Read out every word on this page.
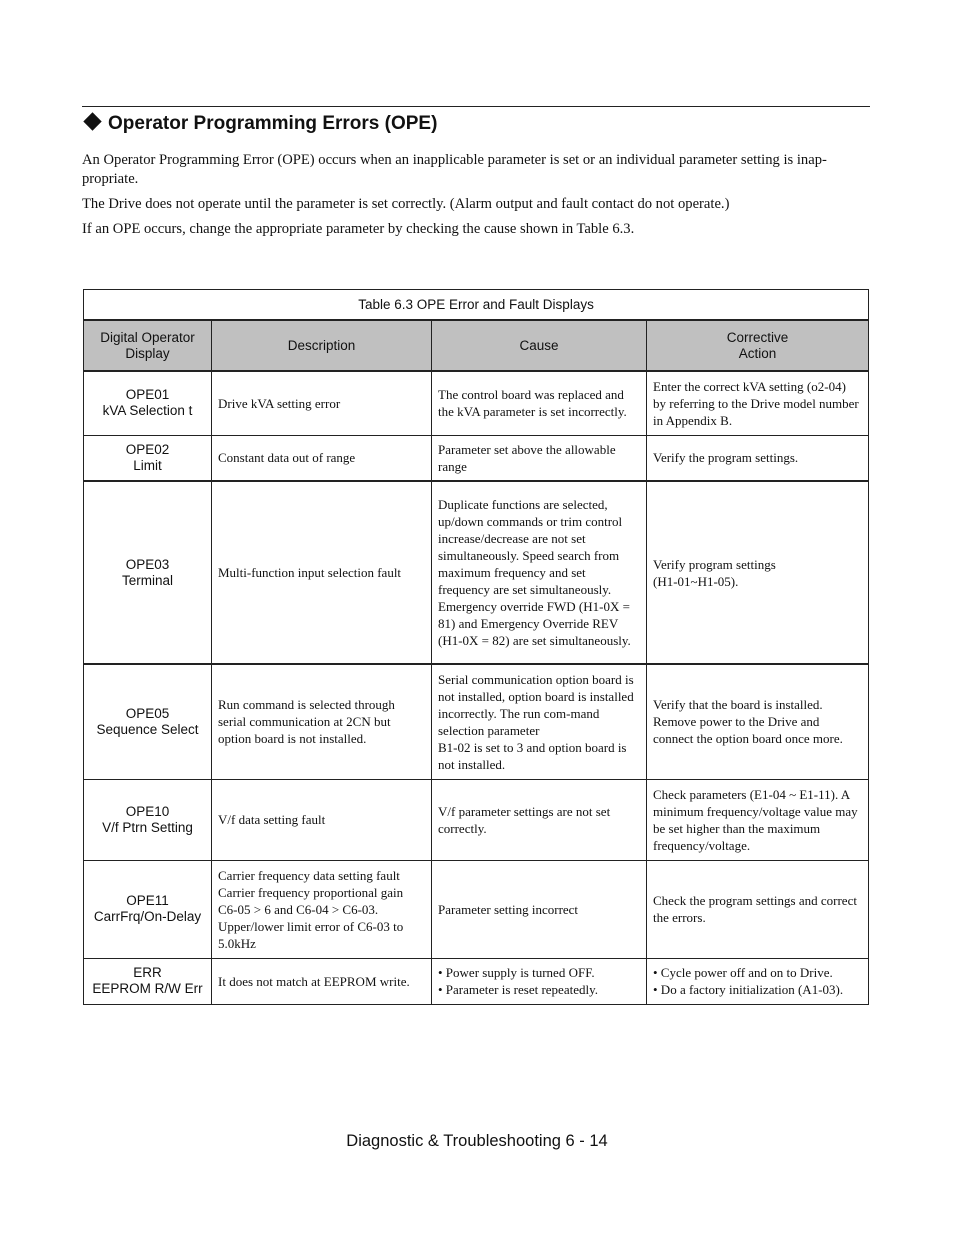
Operator Programming Errors (OPE)
An Operator Programming Error (OPE) occurs when an inapplicable parameter is set or an individual parameter setting is inap-propriate.
The Drive does not operate until the parameter is set correctly. (Alarm output and fault contact do not operate.)
If an OPE occurs, change the appropriate parameter by checking the cause shown in Table 6.3.
Table 6.3 OPE Error and Fault Displays			
Digital Operator
Display	Description	Cause	Corrective
Action
OPE01
kVA Selection t	Drive kVA setting error	The control board was replaced and the kVA parameter is set incorrectly.	Enter the correct kVA setting (o2-04) by referring to the Drive model number in Appendix B.
OPE02
Limit	Constant data out of range	Parameter set above the allowable range	Verify the program settings.
OPE03
Terminal	Multi-function input selection fault	Duplicate functions are selected, up/down commands or trim control increase/decrease are not set simultaneously. Speed search from maximum frequency and set frequency are set simultaneously. Emergency override FWD (H1-0X = 81) and Emergency Override REV (H1-0X = 82) are set simultaneously.	Verify program settings
(H1-01~H1-05).
OPE05
Sequence Select	Run command is selected through serial communication at 2CN but option board is not installed.	Serial communication option board is not installed, option board is installed incorrectly. The run com-mand selection parameter
B1-02 is set to 3 and option board is not installed.	Verify that the board is installed. Remove power to the Drive and connect the option board once more.
OPE10
V/f Ptrn Setting	V/f data setting fault	V/f parameter settings are not set correctly.	Check parameters (E1-04 ~ E1-11). A minimum frequency/voltage value may be set higher than the maximum frequency/voltage.
OPE11
CarrFrq/On-Delay	Carrier frequency data setting fault
Carrier frequency proportional gain C6-05 > 6 and C6-04 > C6-03.
Upper/lower limit error of C6-03 to 5.0kHz	Parameter setting incorrect	Check the program settings and correct the errors.
ERR
EEPROM R/W Err	It does not match at EEPROM write.	• Power supply is turned OFF.
• Parameter is reset repeatedly.	• Cycle power off and on to Drive.
• Do a factory initialization (A1-03).
Diagnostic & Troubleshooting 6 - 14
